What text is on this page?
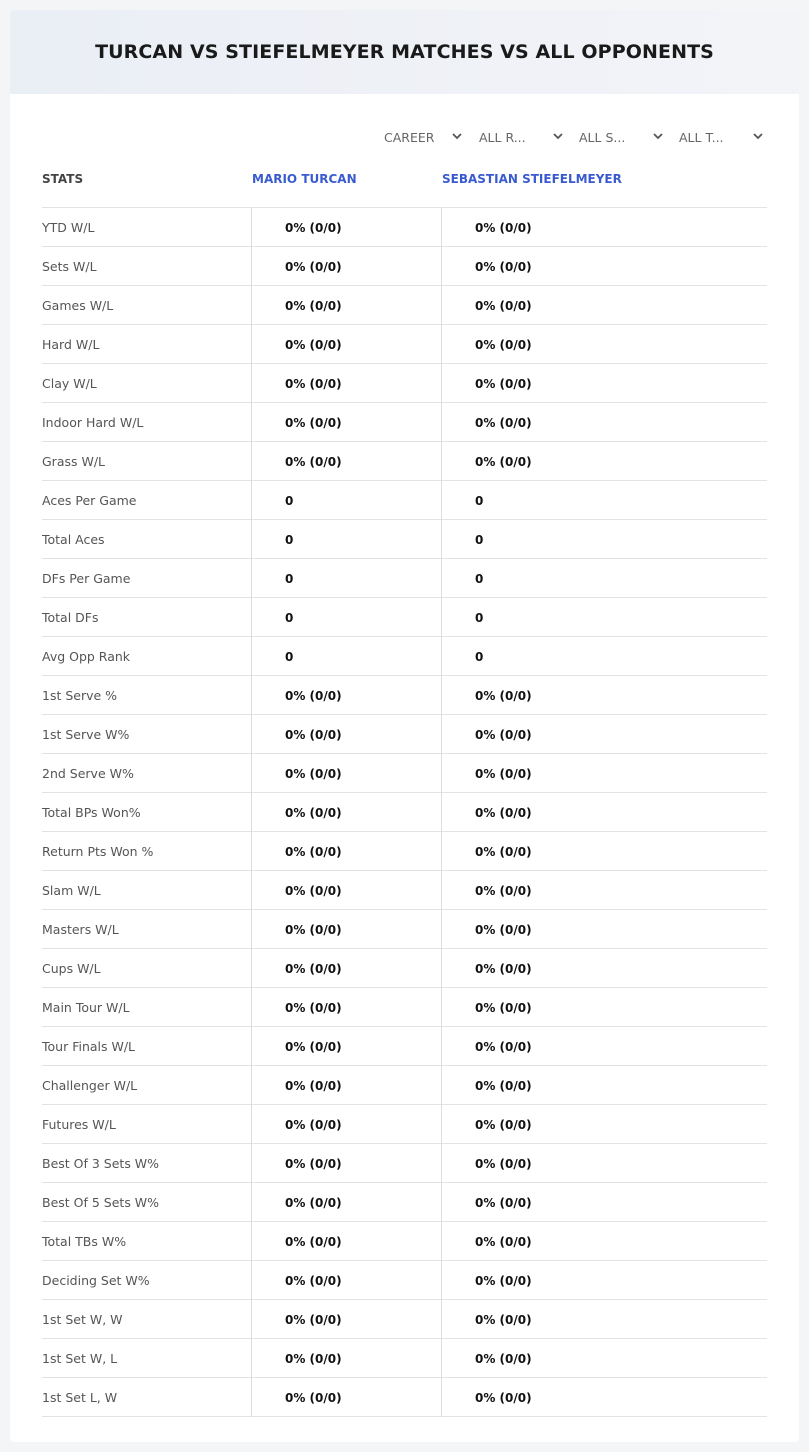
TURCAN VS STIEFELMEYER MATCHES VS ALL OPPONENTS
CAREER	ALL R...	ALL S...	ALL T...
STATS	MARIO TURCAN	SEBASTIAN STIEFELMEYER
YTD W/L	0% (0/0)	0% (0/0)
Sets W/L	0% (0/0)	0% (0/0)
Games W/L	0% (0/0)	0% (0/0)
Hard W/L	0% (0/0)	0% (0/0)
Clay W/L	0% (0/0)	0% (0/0)
Indoor Hard W/L	0% (0/0)	0% (0/0)
Grass W/L	0% (0/0)	0% (0/0)
Aces Per Game	0	0
Total Aces	0	0
DFs Per Game	0	0
Total DFs	0	0
Avg Opp Rank	0	0
1st Serve %	0% (0/0)	0% (0/0)
1st Serve W%	0% (0/0)	0% (0/0)
2nd Serve W%	0% (0/0)	0% (0/0)
Total BPs Won%	0% (0/0)	0% (0/0)
Return Pts Won %	0% (0/0)	0% (0/0)
Slam W/L	0% (0/0)	0% (0/0)
Masters W/L	0% (0/0)	0% (0/0)
Cups W/L	0% (0/0)	0% (0/0)
Main Tour W/L	0% (0/0)	0% (0/0)
Tour Finals W/L	0% (0/0)	0% (0/0)
Challenger W/L	0% (0/0)	0% (0/0)
Futures W/L	0% (0/0)	0% (0/0)
Best Of 3 Sets W%	0% (0/0)	0% (0/0)
Best Of 5 Sets W%	0% (0/0)	0% (0/0)
Total TBs W%	0% (0/0)	0% (0/0)
Deciding Set W%	0% (0/0)	0% (0/0)
1st Set W, W	0% (0/0)	0% (0/0)
1st Set W, L	0% (0/0)	0% (0/0)
1st Set L, W	0% (0/0)	0% (0/0)
